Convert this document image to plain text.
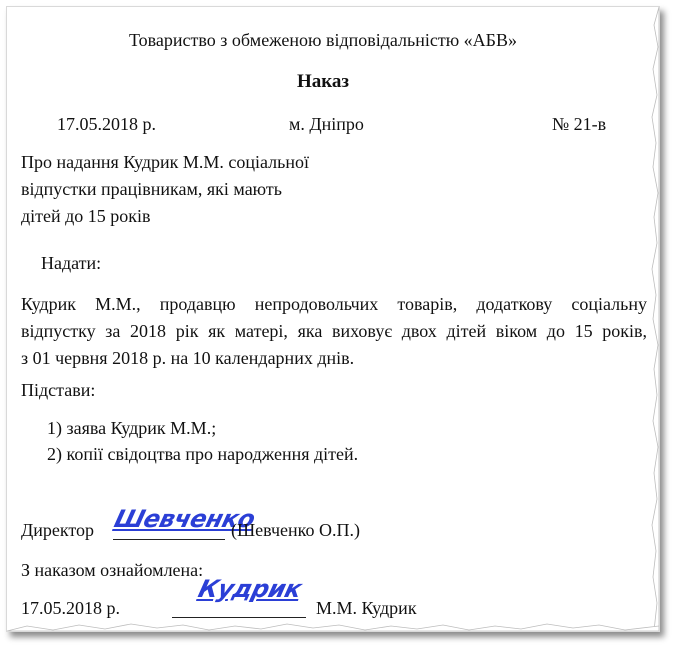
Товариство з обмеженою відповідальністю «АБВ»
Наказ
17.05.2018 р.	м. Дніпро	№ 21-в
Про надання Кудрик М.М. соціальної
відпустки працівникам, які мають
дітей до 15 років
Надати:
Кудрик М.М., продавцю непродовольчих товарів, додаткову соціальну
відпустку за 2018 рік як матері, яка виховує двох дітей віком до 15 років,
з 01 червня 2018 р. на 10 календарних днів.
Підстави:
1) заява Кудрик М.М.;
2) копії свідоцтва про народження дітей.
Директор Шевченко
(Шевченко О.П.)
З наказом ознайомлена:
17.05.2018 р.
Кудрик
М.М. Кудрик
